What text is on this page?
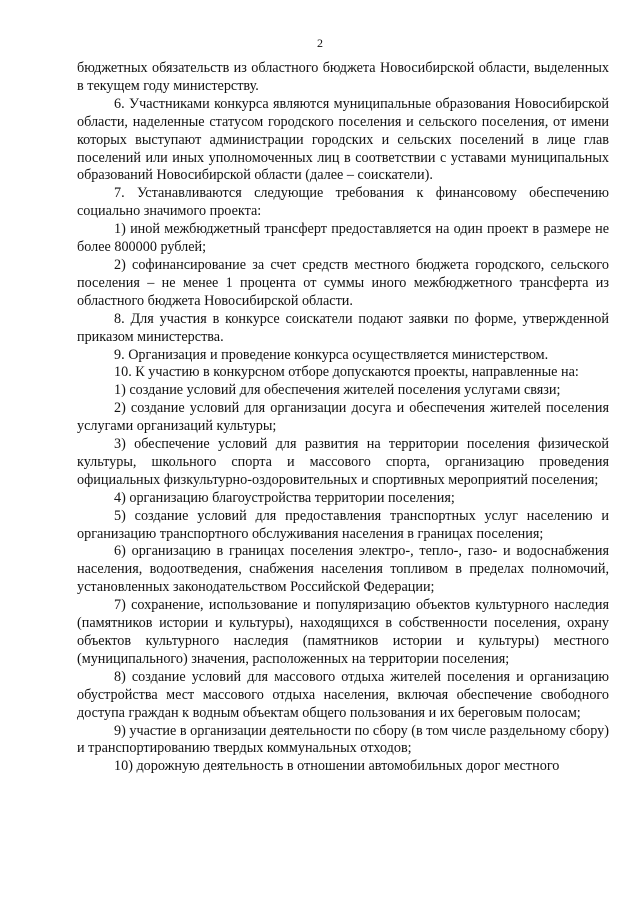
2

бюджетных обязательств из областного бюджета Новосибирской области, выделенных в текущем году министерству.

6. Участниками конкурса являются муниципальные образования Новосибирской области, наделенные статусом городского поселения и сельского поселения, от имени которых выступают администрации городских и сельских поселений в лице глав поселений или иных уполномоченных лиц в соответствии с уставами муниципальных образований Новосибирской области (далее – соискатели).

7. Устанавливаются следующие требования к финансовому обеспечению социально значимого проекта:

1) иной межбюджетный трансферт предоставляется на один проект в размере не более 800000 рублей;

2) софинансирование за счет средств местного бюджета городского, сельского поселения – не менее 1 процента от суммы иного межбюджетного трансферта из областного бюджета Новосибирской области.

8. Для участия в конкурсе соискатели подают заявки по форме, утвержденной приказом министерства.

9. Организация и проведение конкурса осуществляется министерством.

10. К участию в конкурсном отборе допускаются проекты, направленные на:

1) создание условий для обеспечения жителей поселения услугами связи;

2) создание условий для организации досуга и обеспечения жителей поселения услугами организаций культуры;

3) обеспечение условий для развития на территории поселения физической культуры, школьного спорта и массового спорта, организацию проведения официальных физкультурно-оздоровительных и спортивных мероприятий поселения;

4) организацию благоустройства территории поселения;

5) создание условий для предоставления транспортных услуг населению и организацию транспортного обслуживания населения в границах поселения;

6) организацию в границах поселения электро-, тепло-, газо- и водоснабжения населения, водоотведения, снабжения населения топливом в пределах полномочий, установленных законодательством Российской Федерации;

7) сохранение, использование и популяризацию объектов культурного наследия (памятников истории и культуры), находящихся в собственности поселения, охрану объектов культурного наследия (памятников истории и культуры) местного (муниципального) значения, расположенных на территории поселения;

8) создание условий для массового отдыха жителей поселения и организацию обустройства мест массового отдыха населения, включая обеспечение свободного доступа граждан к водным объектам общего пользования и их береговым полосам;

9) участие в организации деятельности по сбору (в том числе раздельному сбору) и транспортированию твердых коммунальных отходов;

10) дорожную деятельность в отношении автомобильных дорог местного
